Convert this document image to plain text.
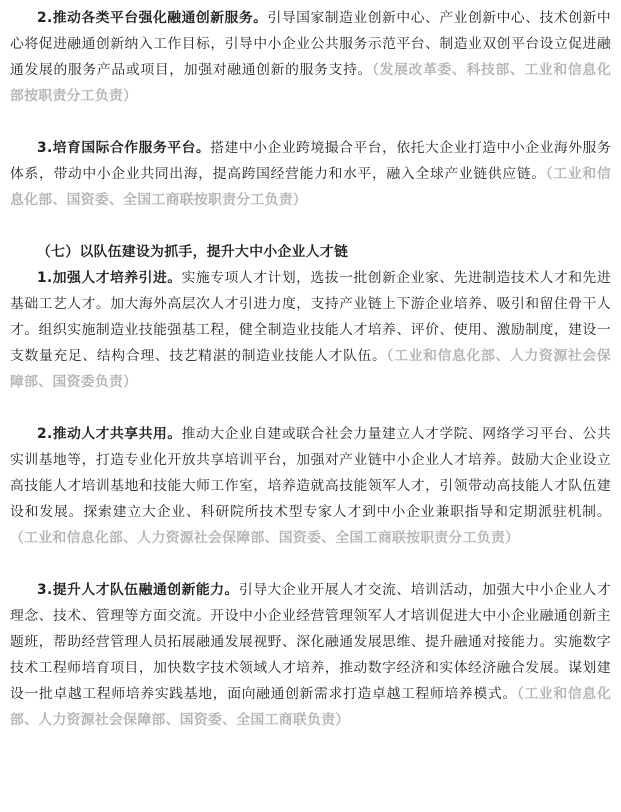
2.推动各类平台强化融通创新服务。引导国家制造业创新中心、产业创新中心、技术创新中心将促进融通创新纳入工作目标，引导中小企业公共服务示范平台、制造业双创平台设立促进融通发展的服务产品或项目，加强对融通创新的服务支持。（发展改革委、科技部、工业和信息化部按职责分工负责）

3.培育国际合作服务平台。搭建中小企业跨境撮合平台，依托大企业打造中小企业海外服务体系，带动中小企业共同出海，提高跨国经营能力和水平，融入全球产业链供应链。（工业和信息化部、国资委、全国工商联按职责分工负责）

（七）以队伍建设为抓手，提升大中小企业人才链

1.加强人才培养引进。实施专项人才计划，选拔一批创新企业家、先进制造技术人才和先进基础工艺人才。加大海外高层次人才引进力度，支持产业链上下游企业培养、吸引和留住骨干人才。组织实施制造业技能强基工程，健全制造业技能人才培养、评价、使用、激励制度，建设一支数量充足、结构合理、技艺精湛的制造业技能人才队伍。（工业和信息化部、人力资源社会保障部、国资委负责）

2.推动人才共享共用。推动大企业自建或联合社会力量建立人才学院、网络学习平台、公共实训基地等，打造专业化开放共享培训平台，加强对产业链中小企业人才培养。鼓励大企业设立高技能人才培训基地和技能大师工作室，培养造就高技能领军人才，引领带动高技能人才队伍建设和发展。探索建立大企业、科研院所技术型专家人才到中小企业兼职指导和定期派驻机制。（工业和信息化部、人力资源社会保障部、国资委、全国工商联按职责分工负责）

3.提升人才队伍融通创新能力。引导大企业开展人才交流、培训活动，加强大中小企业人才理念、技术、管理等方面交流。开设中小企业经营管理领军人才培训促进大中小企业融通创新主题班，帮助经营管理人员拓展融通发展视野、深化融通发展思维、提升融通对接能力。实施数字技术工程师培育项目，加快数字技术领域人才培养，推动数字经济和实体经济融合发展。谋划建设一批卓越工程师培养实践基地，面向融通创新需求打造卓越工程师培养模式。（工业和信息化部、人力资源社会保障部、国资委、全国工商联负责）
